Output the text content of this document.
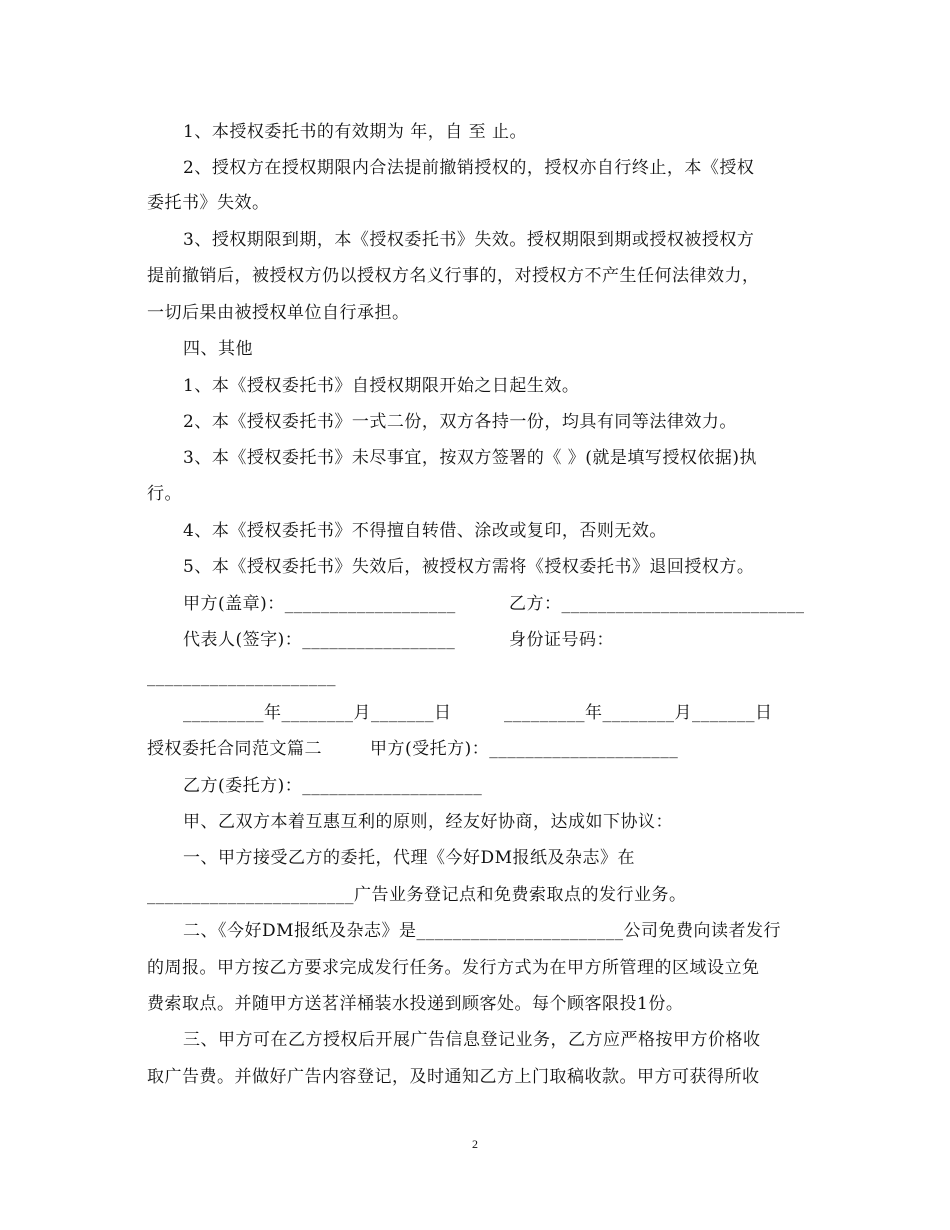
1、本授权委托书的有效期为 年，自 至 止。
2、授权方在授权期限内合法提前撤销授权的，授权亦自行终止，本《授权
委托书》失效。
3、授权期限到期，本《授权委托书》失效。授权期限到期或授权被授权方
提前撤销后，被授权方仍以授权方名义行事的，对授权方不产生任何法律效力，
一切后果由被授权单位自行承担。
四、其他
1、本《授权委托书》自授权期限开始之日起生效。
2、本《授权委托书》一式二份，双方各持一份，均具有同等法律效力。
3、本《授权委托书》未尽事宜，按双方签署的《 》(就是填写授权依据)执
行。
4、本《授权委托书》不得擅自转借、涂改或复印，否则无效。
5、本《授权委托书》失效后，被授权方需将《授权委托书》退回授权方。
甲方(盖章)：___________________	乙方：___________________________
代表人(签字)：_________________	身份证号码：
_____________________
_________年________月_______日	_________年________月_______日
授权委托合同范文篇二	甲方(受托方)：_____________________
乙方(委托方)：____________________
甲、乙双方本着互惠互利的原则，经友好协商，达成如下协议：
一、甲方接受乙方的委托，代理《今好DM报纸及杂志》在
_______________________广告业务登记点和免费索取点的发行业务。
二、《今好DM报纸及杂志》是_______________________公司免费向读者发行
的周报。甲方按乙方要求完成发行任务。发行方式为在甲方所管理的区域设立免
费索取点。并随甲方送茗洋桶装水投递到顾客处。每个顾客限投1份。
三、甲方可在乙方授权后开展广告信息登记业务，乙方应严格按甲方价格收
取广告费。并做好广告内容登记，及时通知乙方上门取稿收款。甲方可获得所收
2
